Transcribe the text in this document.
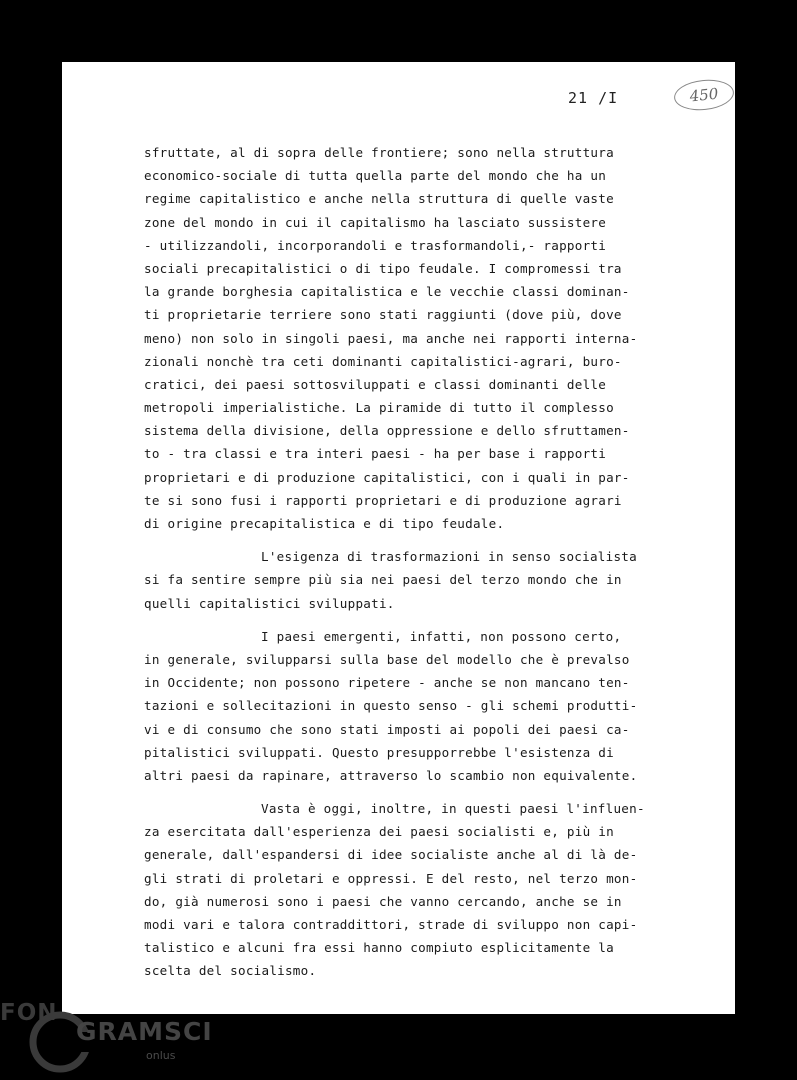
21 /I	450
sfruttate, al di sopra delle frontiere; sono nella struttura
economico-sociale di tutta quella parte del mondo che ha un
regime capitalistico e anche nella struttura di quelle vaste
zone del mondo in cui il capitalismo ha lasciato sussistere
- utilizzandoli, incorporandoli e trasformandoli,- rapporti
sociali precapitalistici o di tipo feudale. I compromessi tra
la grande borghesia capitalistica e le vecchie classi dominan-
ti proprietarie terriere sono stati raggiunti (dove più, dove
meno) non solo in singoli paesi, ma anche nei rapporti interna-
zionali nonchè tra ceti dominanti capitalistici-agrari, buro-
cratici, dei paesi sottosviluppati e classi dominanti delle
metropoli imperialistiche. La piramide di tutto il complesso
sistema della divisione, della oppressione e dello sfruttamen-
to - tra classi e tra interi paesi - ha per base i rapporti
proprietari e di produzione capitalistici, con i quali in par-
te si sono fusi i rapporti proprietari e di produzione agrari
di origine precapitalistica e di tipo feudale.
L'esigenza di trasformazioni in senso socialista
si fa sentire sempre più sia nei paesi del terzo mondo che in
quelli capitalistici sviluppati.
I paesi emergenti, infatti, non possono certo,
in generale, svilupparsi sulla base del modello che è prevalso
in Occidente; non possono ripetere - anche se non mancano ten-
tazioni e sollecitazioni in questo senso - gli schemi produtti-
vi e di consumo che sono stati imposti ai popoli dei paesi ca-
pitalistici sviluppati. Questo presupporrebbe l'esistenza di
altri paesi da rapinare, attraverso lo scambio non equivalente.
Vasta è oggi, inoltre, in questi paesi l'influen-
za esercitata dall'esperienza dei paesi socialisti e, più in
generale, dall'espandersi di idee socialiste anche al di là de-
gli strati di proletari e oppressi. E del resto, nel terzo mon-
do, già numerosi sono i paesi che vanno cercando, anche se in
modi vari e talora contraddittori, strade di sviluppo non capi-
talistico e alcuni fra essi hanno compiuto esplicitamente la
scelta del socialismo.
FON
GRAMSCI
onlus
